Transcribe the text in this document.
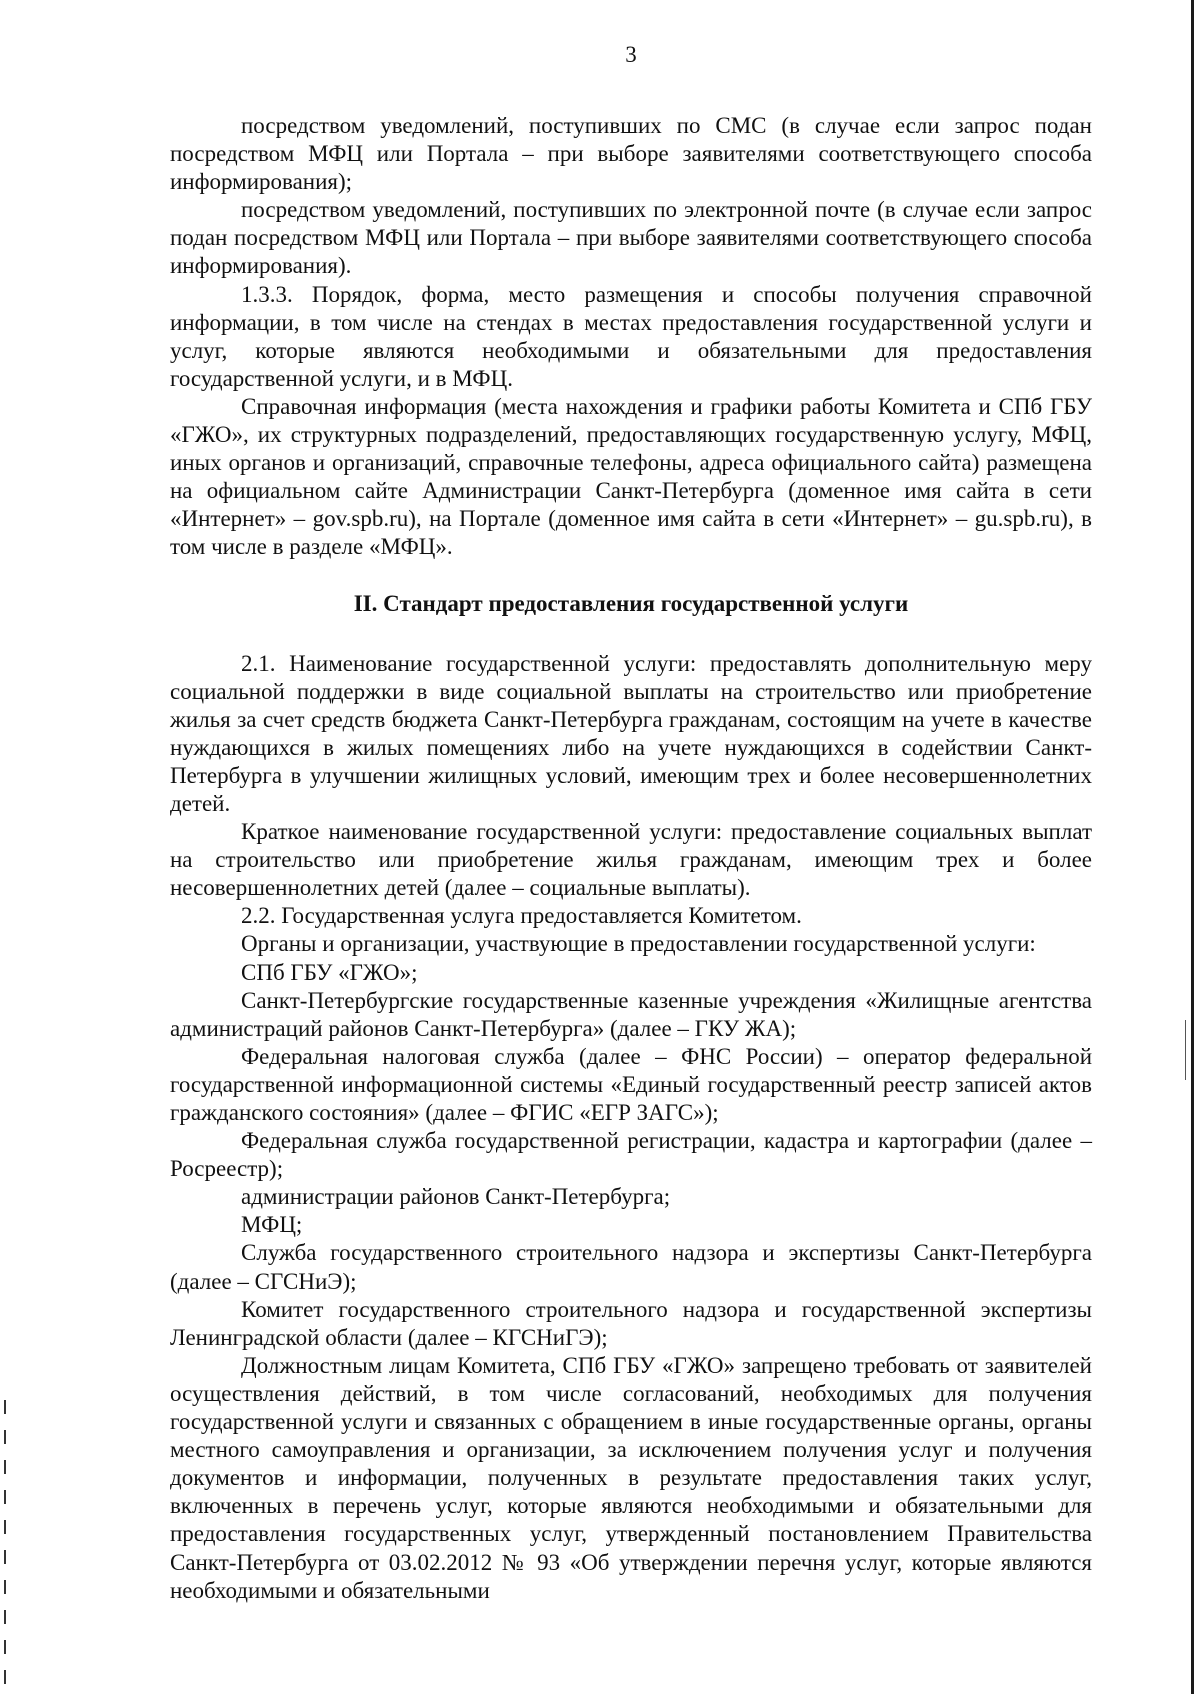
3

посредством уведомлений, поступивших по СМС (в случае если запрос подан посредством МФЦ или Портала – при выборе заявителями соответствующего способа информирования);

посредством уведомлений, поступивших по электронной почте (в случае если запрос подан посредством МФЦ или Портала – при выборе заявителями соответствующего способа информирования).

1.3.3. Порядок, форма, место размещения и способы получения справочной информации, в том числе на стендах в местах предоставления государственной услуги и услуг, которые являются необходимыми и обязательными для предоставления государственной услуги, и в МФЦ.

Справочная информация (места нахождения и графики работы Комитета и СПб ГБУ «ГЖО», их структурных подразделений, предоставляющих государственную услугу, МФЦ, иных органов и организаций, справочные телефоны, адреса официального сайта) размещена на официальном сайте Администрации Санкт-Петербурга (доменное имя сайта в сети «Интернет» – gov.spb.ru), на Портале (доменное имя сайта в сети «Интернет» – gu.spb.ru), в том числе в разделе «МФЦ».

II. Стандарт предоставления государственной услуги

2.1. Наименование государственной услуги: предоставлять дополнительную меру социальной поддержки в виде социальной выплаты на строительство или приобретение жилья за счет средств бюджета Санкт-Петербурга гражданам, состоящим на учете в качестве нуждающихся в жилых помещениях либо на учете нуждающихся в содействии Санкт-Петербурга в улучшении жилищных условий, имеющим трех и более несовершеннолетних детей.

Краткое наименование государственной услуги: предоставление социальных выплат на строительство или приобретение жилья гражданам, имеющим трех и более несовершеннолетних детей (далее – социальные выплаты).

2.2. Государственная услуга предоставляется Комитетом.

Органы и организации, участвующие в предоставлении государственной услуги:

СПб ГБУ «ГЖО»;

Санкт-Петербургские государственные казенные учреждения «Жилищные агентства администраций районов Санкт-Петербурга» (далее – ГКУ ЖА);

Федеральная налоговая служба (далее – ФНС России) – оператор федеральной государственной информационной системы «Единый государственный реестр записей актов гражданского состояния» (далее – ФГИС «ЕГР ЗАГС»);

Федеральная служба государственной регистрации, кадастра и картографии (далее – Росреестр);

администрации районов Санкт-Петербурга;

МФЦ;

Служба государственного строительного надзора и экспертизы Санкт-Петербурга (далее – СГСНиЭ);

Комитет государственного строительного надзора и государственной экспертизы Ленинградской области (далее – КГСНиГЭ);

Должностным лицам Комитета, СПб ГБУ «ГЖО» запрещено требовать от заявителей осуществления действий, в том числе согласований, необходимых для получения государственной услуги и связанных с обращением в иные государственные органы, органы местного самоуправления и организации, за исключением получения услуг и получения документов и информации, полученных в результате предоставления таких услуг, включенных в перечень услуг, которые являются необходимыми и обязательными для предоставления государственных услуг, утвержденный постановлением Правительства Санкт-Петербурга от 03.02.2012 № 93 «Об утверждении перечня услуг, которые являются необходимыми и обязательными
